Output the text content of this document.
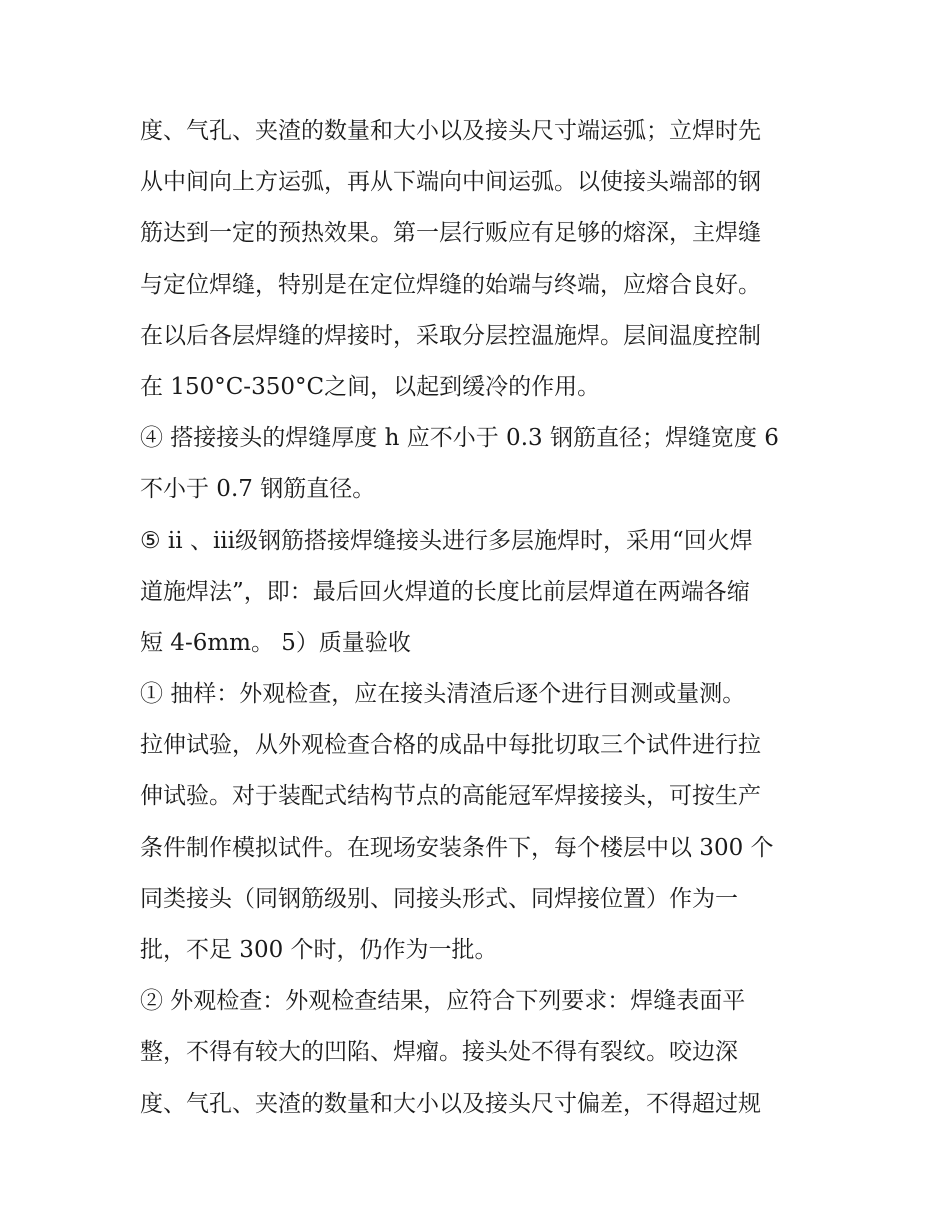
度、气孔、夹渣的数量和大小以及接头尺寸端运弧；立焊时先
从中间向上方运弧，再从下端向中间运弧。以使接头端部的钢
筋达到一定的预热效果。第一层行贩应有足够的熔深，主焊缝
与定位焊缝，特别是在定位焊缝的始端与终端，应熔合良好。
在以后各层焊缝的焊接时，采取分层控温施焊。层间温度控制
在 150°C-350°C之间，以起到缓冷的作用。
④ 搭接接头的焊缝厚度 h 应不小于 0.3 钢筋直径；焊缝宽度 6
不小于 0.7 钢筋直径。
⑤ ii 、iii级钢筋搭接焊缝接头进行多层施焊时，采用“回火焊
道施焊法”，即：最后回火焊道的长度比前层焊道在两端各缩
短 4-6mm。 5）质量验收
① 抽样：外观检查，应在接头清渣后逐个进行目测或量测。
拉伸试验，从外观检查合格的成品中每批切取三个试件进行拉
伸试验。对于装配式结构节点的高能冠军焊接接头，可按生产
条件制作模拟试件。在现场安装条件下，每个楼层中以 300 个
同类接头（同钢筋级别、同接头形式、同焊接位置）作为一
批，不足 300 个时，仍作为一批。
② 外观检查：外观检查结果，应符合下列要求：焊缝表面平
整，不得有较大的凹陷、焊瘤。接头处不得有裂纹。咬边深
度、气孔、夹渣的数量和大小以及接头尺寸偏差，不得超过规
